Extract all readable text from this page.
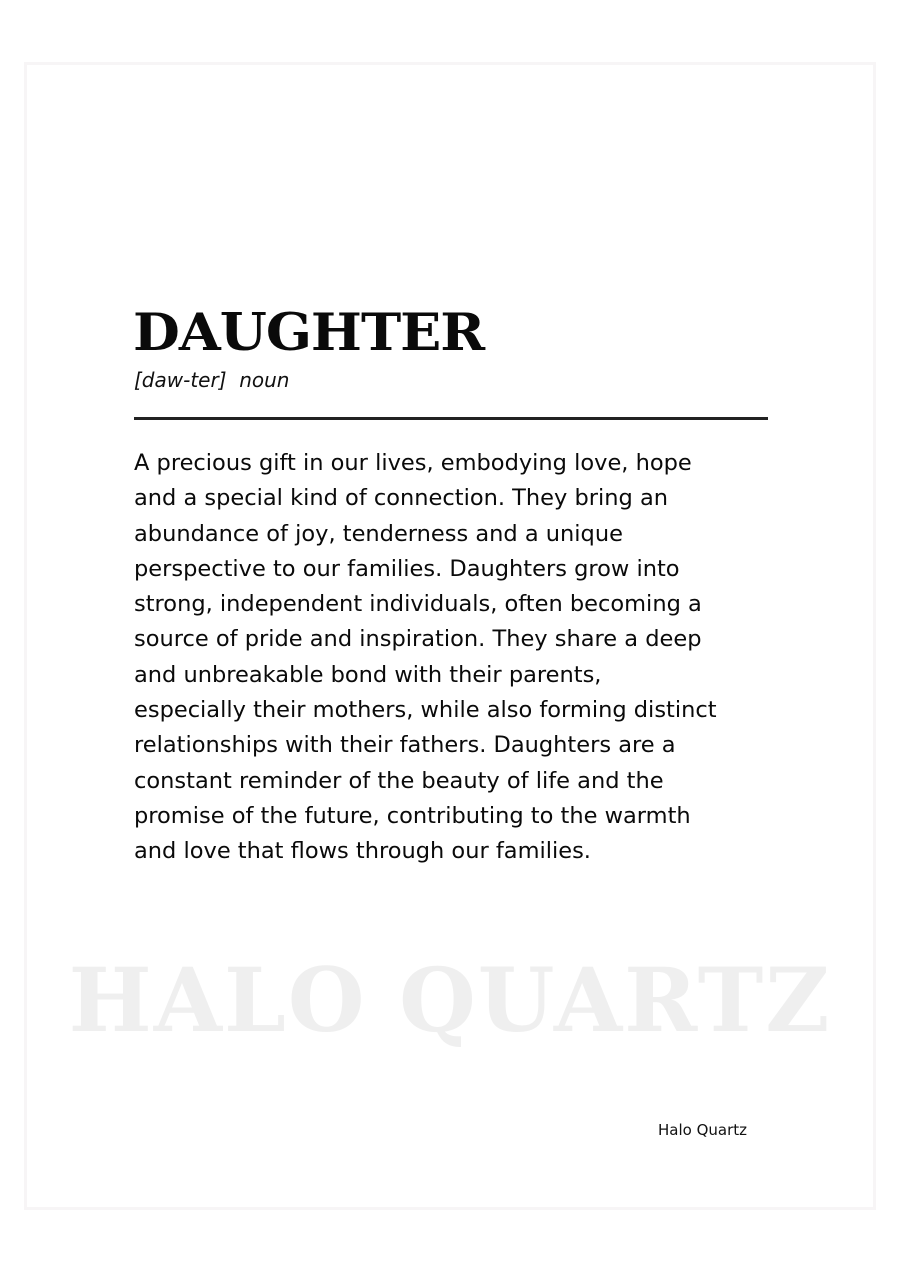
HALO QUARTZ
DAUGHTER
[daw-ter]  noun
A precious gift in our lives, embodying love, hope
and a special kind of connection. They bring an
abundance of joy, tenderness and a unique
perspective to our families. Daughters grow into
strong, independent individuals, often becoming a
source of pride and inspiration. They share a deep
and unbreakable bond with their parents,
especially their mothers, while also forming distinct
relationships with their fathers. Daughters are a
constant reminder of the beauty of life and the
promise of the future, contributing to the warmth
and love that flows through our families.
Halo Quartz
